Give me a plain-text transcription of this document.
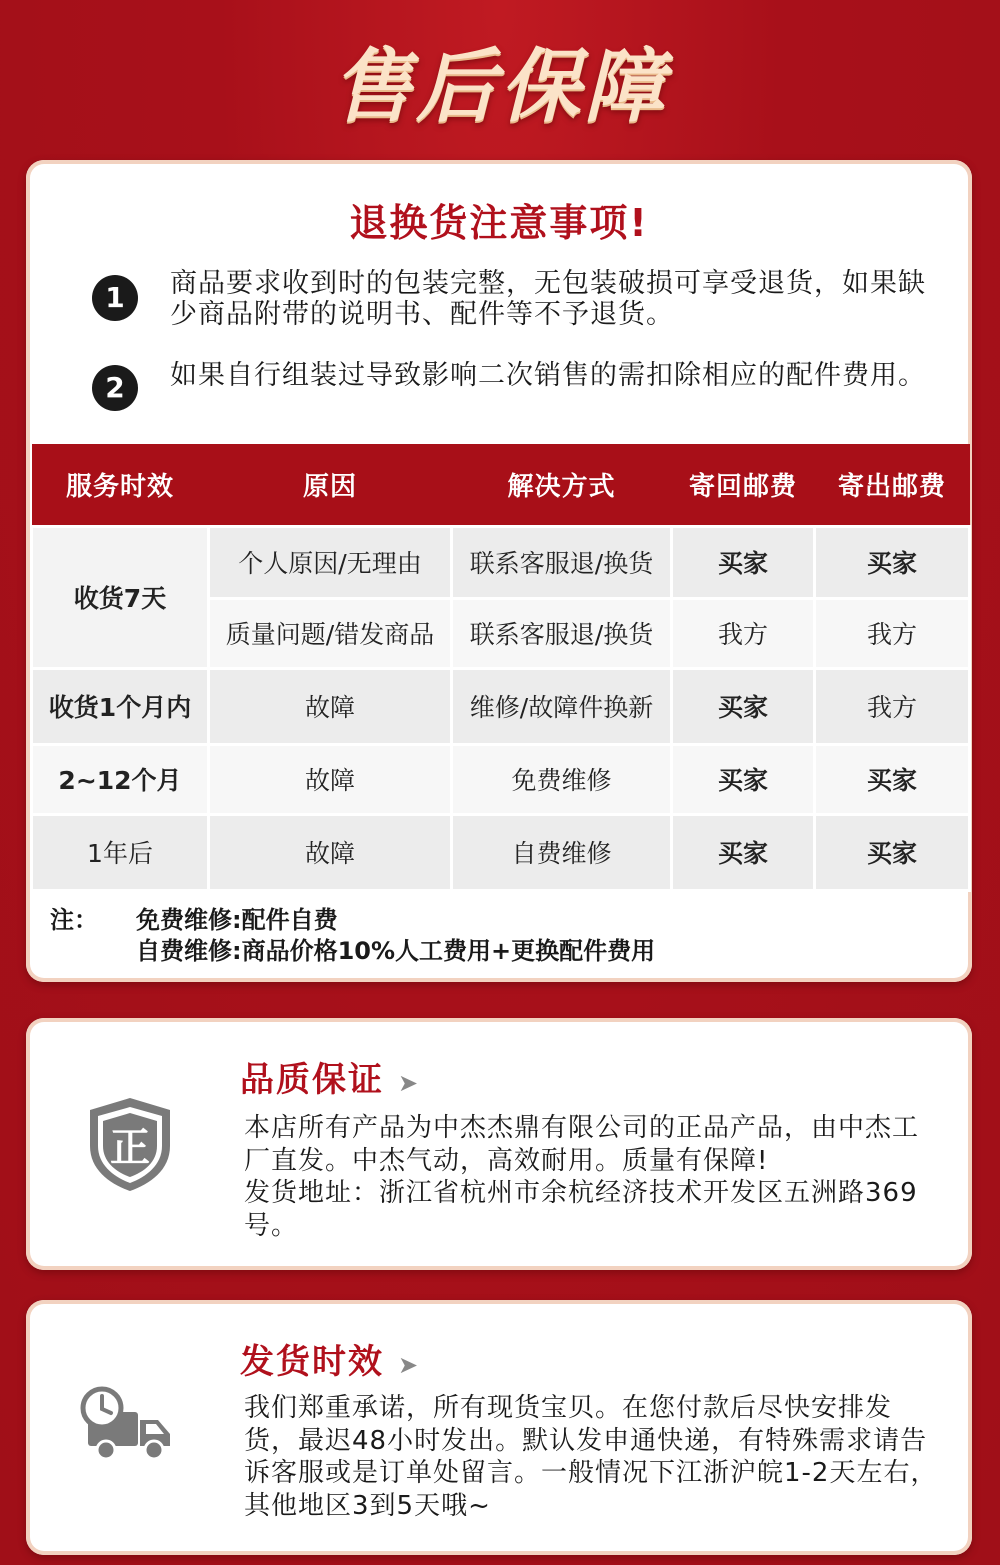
售后保障
退换货注意事项!
1	商品要求收到时的包装完整，无包装破损可享受退货，如果缺少商品附带的说明书、配件等不予退货。
2	如果自行组装过导致影响二次销售的需扣除相应的配件费用。
服务时效	原因	解决方式	寄回邮费	寄出邮费
收货7天	个人原因/无理由	联系客服退/换货	买家	买家
	质量问题/错发商品	联系客服退/换货	我方	我方
收货1个月内	故障	维修/故障件换新	买家	我方
2~12个月	故障	免费维修	买家	买家
1年后	故障	自费维修	买家	买家
注：	免费维修:配件自费
自费维修:商品价格10%人工费用+更换配件费用
正
品质保证 ➤
本店所有产品为中杰杰鼎有限公司的正品产品，由中杰工
厂直发。中杰气动，高效耐用。质量有保障!
发货地址：浙江省杭州市余杭经济技术开发区五洲路369
号。
发货时效 ➤
我们郑重承诺，所有现货宝贝。在您付款后尽快安排发
货，最迟48小时发出。默认发申通快递，有特殊需求请告
诉客服或是订单处留言。一般情况下江浙沪皖1-2天左右，
其他地区3到5天哦~
